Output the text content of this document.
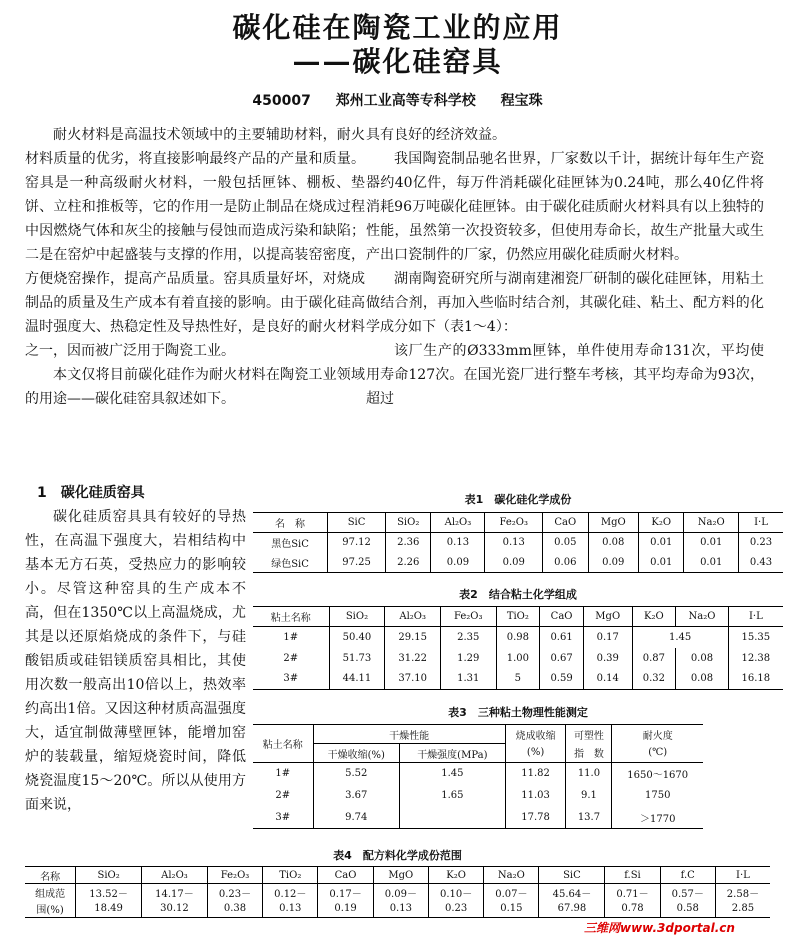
碳化硅在陶瓷工业的应用
——碳化硅窑具
450007 郑州工业高等专科学校 程宝珠

耐火材料是高温技术领域中的主要辅助材料，耐火材料质量的优劣，将直接影响最终产品的产量和质量。窑具是一种高级耐火材料，一般包括匣钵、棚板、垫饼、立柱和推板等，它的作用一是防止制品在烧成过程中因燃烧气体和灰尘的接触与侵蚀而造成污染和缺陷；二是在窑炉中起盛装与支撑的作用，以提高装窑密度，方便烧窑操作，提高产品质量。窑具质量好坏，对烧成制品的质量及生产成本有着直接的影响。由于碳化硅高温时强度大、热稳定性及导热性好，是良好的耐火材料之一，因而被广泛用于陶瓷工业。

本文仅将目前碳化硅作为耐火材料在陶瓷工业领域的用途——碳化硅窑具叙述如下。

1　碳化硅质窑具

碳化硅质窑具具有较好的导热性，在高温下强度大，岩相结构中基本无方石英，受热应力的影响较小。尽管这种窑具的生产成本不高，但在1350℃以上高温烧成，尤其是以还原焰烧成的条件下，与硅酸铝质或硅铝镁质窑具相比，其使用次数一般高出10倍以上，热效率约高出1倍。又因这种材质高温强度大，适宜制做薄壁匣钵，能增加窑炉的装载量，缩短烧瓷时间，降低烧瓷温度15～20℃。所以从使用方面来说，

具有良好的经济效益。

我国陶瓷制品驰名世界，厂家数以千计，据统计每年生产瓷器约40亿件，每万件消耗碳化硅匣钵为0.24吨，那么40亿件将消耗96万吨碳化硅匣钵。由于碳化硅质耐火材料具有以上独特的性能，虽然第一次投资较多，但使用寿命长，故生产批量大或生产出口瓷制件的厂家，仍然应用碳化硅质耐火材料。

湖南陶瓷研究所与湖南建湘瓷厂研制的碳化硅匣钵，用粘土做结合剂，再加入些临时结合剂，其碳化硅、粘土、配方料的化学成分如下（表1～4）：

该厂生产的Ø333mm匣钵，单件使用寿命131次，平均使用寿命127次。在国光瓷厂进行整车考核，其平均寿命为93次，超过

表1　碳化硅化学成份
名　称	SiC	SiO₂	Al₂O₃	Fe₂O₃	CaO	MgO	K₂O	Na₂O	I·L
黑色SiC	97.12	2.36	0.13	0.13	0.05	0.08	0.01	0.01	0.23
绿色SiC	97.25	2.26	0.09	0.09	0.06	0.09	0.01	0.01	0.43
表2　结合粘土化学组成
粘土名称	SiO₂	Al₂O₃	Fe₂O₃	TiO₂	CaO	MgO	K₂O	Na₂O	I·L
1#	50.40	29.15	2.35	0.98	0.61	0.17	1.45		15.35
2#	51.73	31.22	1.29	1.00	0.67	0.39	0.87	0.08	12.38
3#	44.11	37.10	1.31	5	0.59	0.14	0.32	0.08	16.18
表3　三种粘土物理性能测定
粘土名称	干燥性能		烧成收缩	可塑性	耐火度
	干燥收缩(%)	干燥强度(MPa)	(%)	指　数	(℃)
1#	5.52	1.45	11.82	11.0	1650～1670
2#	3.67	1.65	11.03	9.1	1750
3#	9.74		17.78	13.7	＞1770
表4　配方料化学成份范围
名称	SiO₂	Al₂O₃	Fe₂O₃	TiO₂	CaO	MgO	K₂O	Na₂O	SiC	f.Si	f.C	I·L
组成范	13.52－	14.17－	0.23－	0.12－	0.17－	0.09－	0.10－	0.07－	45.64－	0.71－	0.57－	2.58－
围(%)	18.49	30.12	0.38	0.13	0.19	0.13	0.23	0.15	67.98	0.78	0.58	2.85
三维网www.3dportal.cn
